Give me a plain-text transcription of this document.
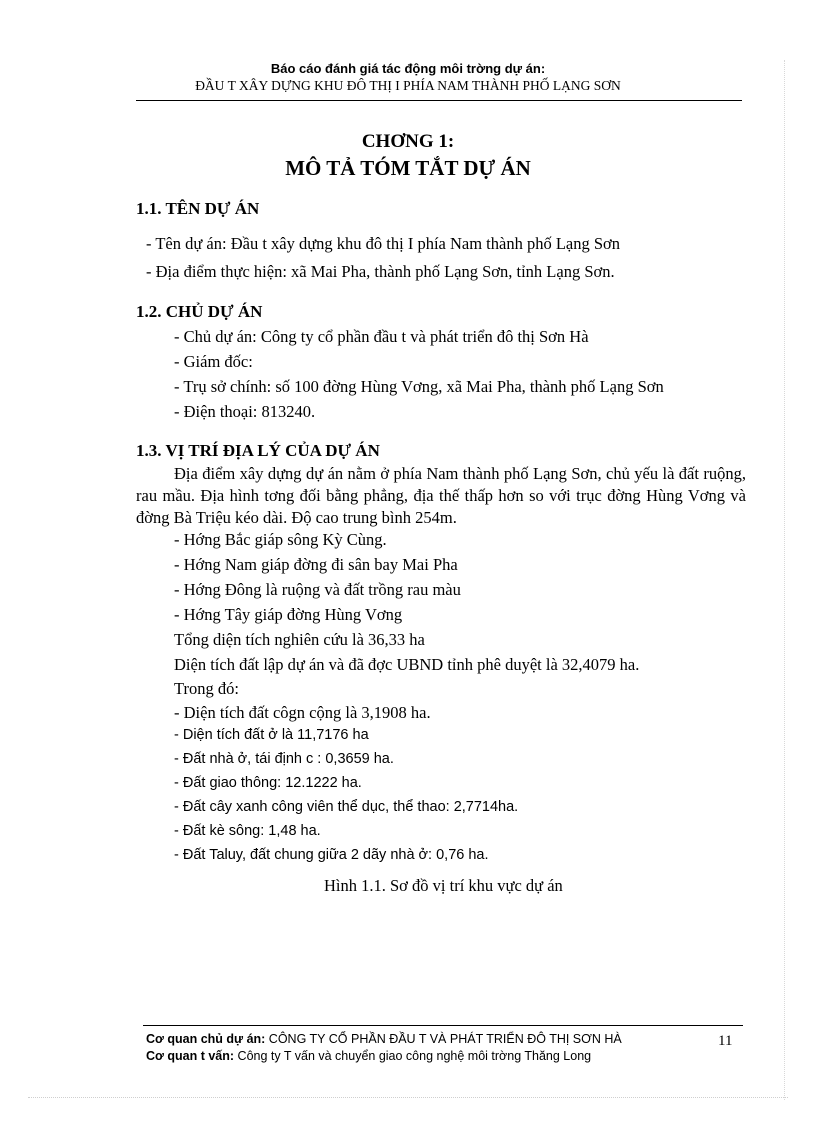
Báo cáo đánh giá tác động môi trờng dự án:
ĐẦU T XÂY DỰNG KHU ĐÔ THỊ I PHÍA NAM THÀNH PHỐ LẠNG SƠN
CHƠNG 1:
MÔ TẢ TÓM TẮT DỰ ÁN
1.1. TÊN DỰ ÁN
- Tên dự án: Đầu t xây dựng khu đô thị I phía Nam thành phố Lạng Sơn
- Địa điểm thực hiện: xã Mai Pha, thành phố Lạng Sơn, tỉnh Lạng Sơn.
1.2. CHỦ DỰ ÁN
- Chủ dự án: Công ty cổ phần đầu t và phát triển đô thị Sơn Hà
- Giám đốc:
- Trụ sở chính: số 100 đờng Hùng Vơng, xã Mai Pha, thành phố Lạng Sơn
- Điện thoại: 813240.
1.3. VỊ TRÍ ĐỊA LÝ CỦA DỰ ÁN

Địa điểm xây dựng dự án nằm ở phía Nam thành phố Lạng Sơn, chủ yếu là đất ruộng, rau mầu. Địa hình tơng đối bằng phẳng, địa thế thấp hơn so với trục đờng Hùng Vơng và đờng Bà Triệu kéo dài. Độ cao trung bình 254m.

- Hớng Bắc giáp sông Kỳ Cùng.
- Hớng Nam giáp đờng đi sân bay Mai Pha
- Hớng Đông là ruộng và đất trồng rau màu
- Hớng Tây giáp đờng Hùng Vơng
Tổng diện tích nghiên cứu là 36,33 ha
Diện tích đất lập dự án và đã đợc UBND tỉnh phê duyệt là 32,4079 ha.
Trong đó:
- Diện tích đất côgn cộng là 3,1908 ha.
- Diện tích đất ở là 11,7176 ha
- Đất nhà ở, tái định c : 0,3659 ha.
- Đất giao thông: 12.1222 ha.
- Đất cây xanh công viên thể dục, thể thao: 2,7714ha.
- Đất kè sông: 1,48 ha.
- Đất Taluy, đất chung giữa 2 dãy nhà ở: 0,76 ha.
Hình 1.1. Sơ đồ vị trí khu vực dự án
Cơ quan chủ dự án: CÔNG TY CỔ PHẦN ĐẦU T VÀ PHÁT TRIỂN ĐÔ THỊ SƠN HÀ
Cơ quan t vấn: Công ty T vấn và chuyển giao công nghệ môi trờng Thăng Long
11
